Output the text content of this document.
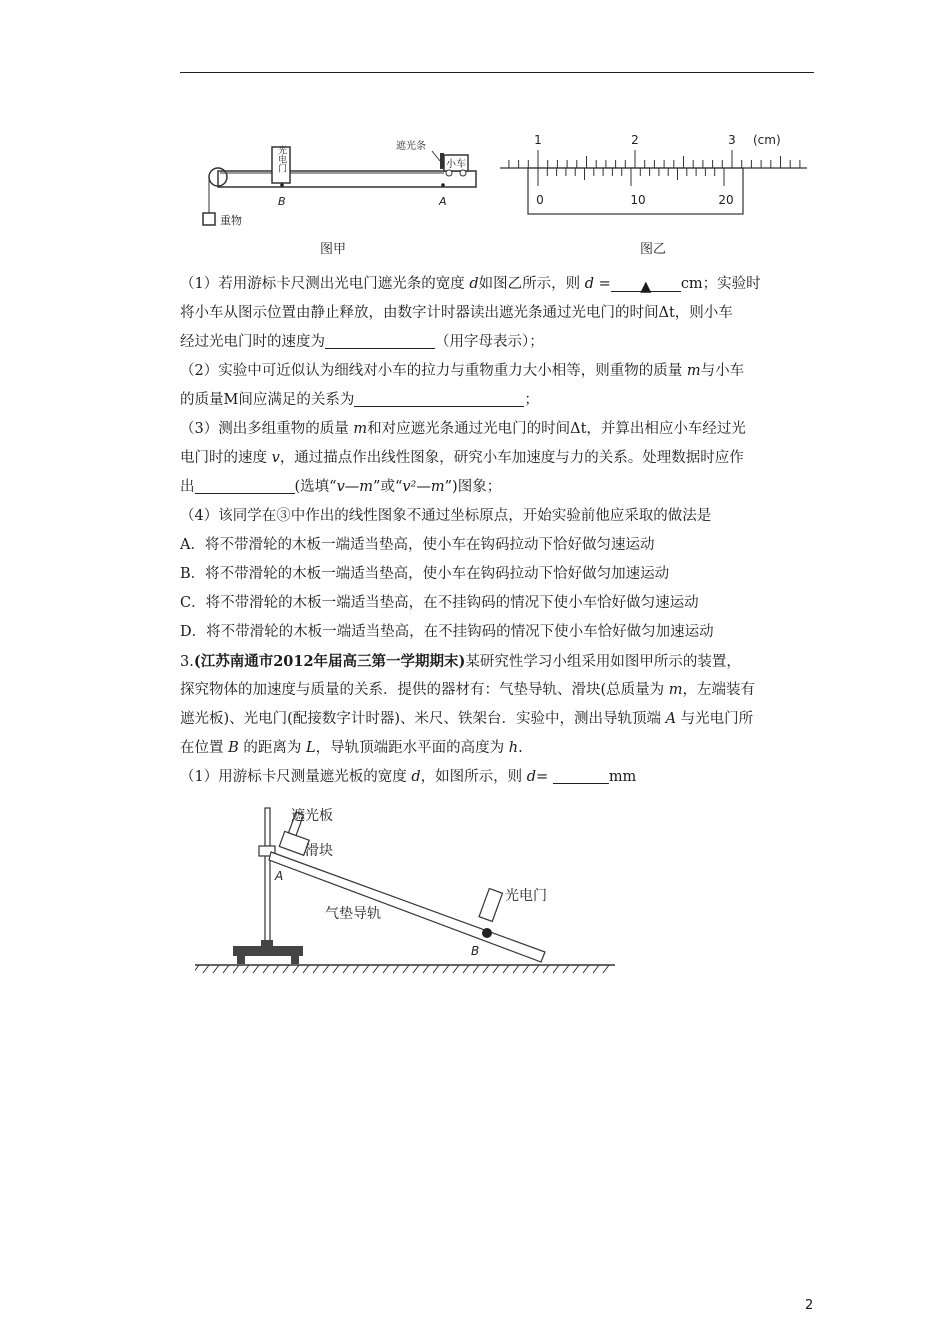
重物
光电门
B
遮光条
小车
A
图甲
1	2	3 (cm)
0	10	20
图乙
（1）若用游标卡尺测出光电门遮光条的宽度 d如图乙所示，则 d = ▲ cm；实验时
将小车从图示位置由静止释放，由数字计时器读出遮光条通过光电门的时间Δt，则小车
经过光电门时的速度为	（用字母表示）；
（2）实验中可近似认为细线对小车的拉力与重物重力大小相等，则重物的质量 m与小车
的质量M间应满足的关系为	；
（3）测出多组重物的质量 m和对应遮光条通过光电门的时间Δt，并算出相应小车经过光
电门时的速度 v，通过描点作出线性图象，研究小车加速度与力的关系。处理数据时应作
出	(选填“v—m”或“v²—m”)图象；
（4）该同学在③中作出的线性图象不通过坐标原点，开始实验前他应采取的做法是
A．将不带滑轮的木板一端适当垫高，使小车在钩码拉动下恰好做匀速运动
B．将不带滑轮的木板一端适当垫高，使小车在钩码拉动下恰好做匀加速运动
C．将不带滑轮的木板一端适当垫高，在不挂钩码的情况下使小车恰好做匀速运动
D．将不带滑轮的木板一端适当垫高，在不挂钩码的情况下使小车恰好做匀加速运动
3.(江苏南通市2012年届高三第一学期期末)某研究性学习小组采用如图甲所示的装置，
探究物体的加速度与质量的关系．提供的器材有：气垫导轨、滑块(总质量为 m，左端装有
遮光板)、光电门(配接数字计时器)、米尺、铁架台．实验中，测出导轨顶端 A 与光电门所
在位置 B 的距离为 L，导轨顶端距水平面的高度为 h.
（1）用游标卡尺测量遮光板的宽度 d，如图所示，则 d=	mm
遮光板
滑块
A
气垫导轨
光电门
B
2
